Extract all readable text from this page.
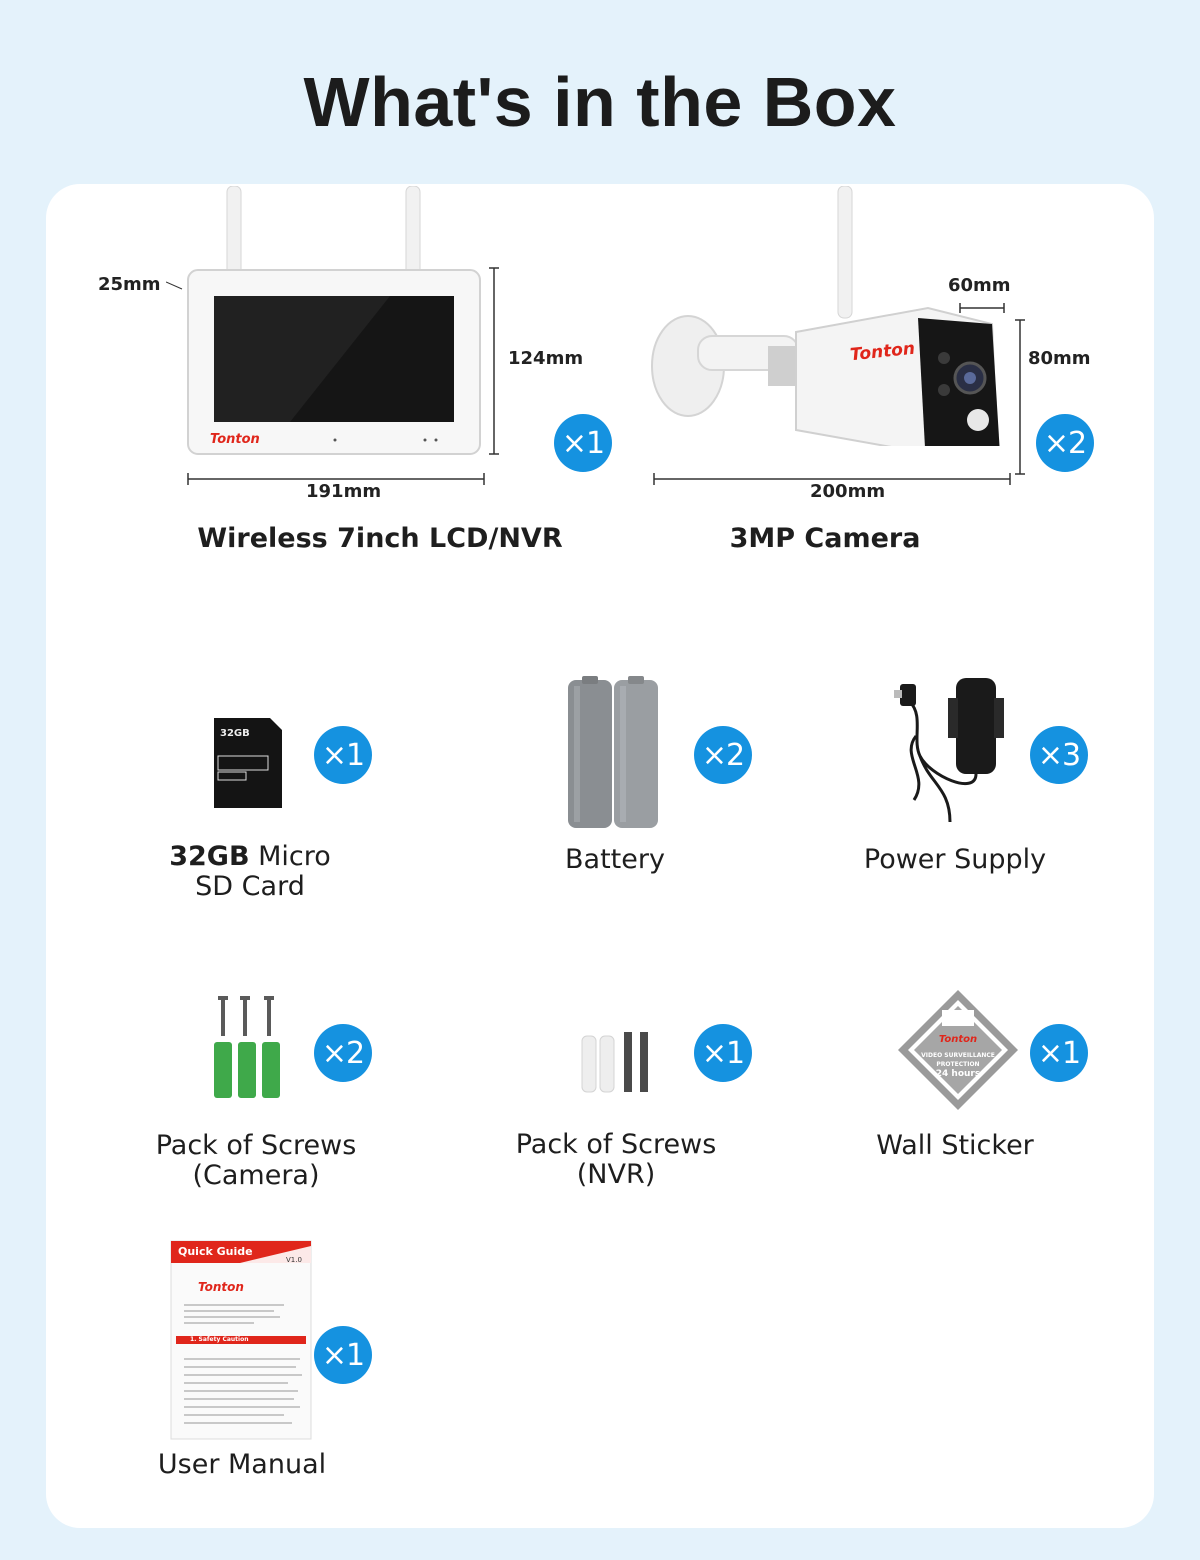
What's in the Box
Tonton
25mm
124mm
191mm
×1
Wireless 7inch LCD/NVR
Tonton
60mm
80mm
200mm
×2
3MP Camera
32GB
×1
32GB Micro
SD Card
×2
Battery
×3
Power Supply
×2
Pack of Screws
(Camera)
×1
Pack of Screws
(NVR)
Tonton
VIDEO SURVEILLANCE
PROTECTION
24 hours
×1
Wall Sticker
Quick Guide
V1.0
Tonton
1. Safety Caution ×1
User Manual
